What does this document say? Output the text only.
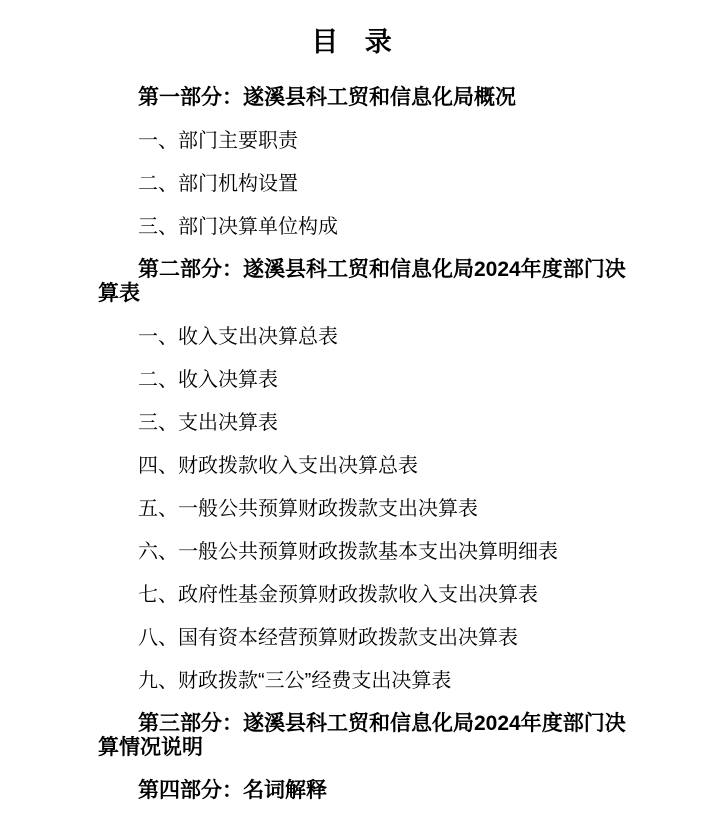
目 录

第一部分：遂溪县科工贸和信息化局概况

一、部门主要职责

二、部门机构设置

三、部门决算单位构成

第二部分：遂溪县科工贸和信息化局2024年度部门决算表

一、收入支出决算总表

二、收入决算表

三、支出决算表

四、财政拨款收入支出决算总表

五、一般公共预算财政拨款支出决算表

六、一般公共预算财政拨款基本支出决算明细表

七、政府性基金预算财政拨款收入支出决算表

八、国有资本经营预算财政拨款支出决算表

九、财政拨款“三公”经费支出决算表

第三部分：遂溪县科工贸和信息化局2024年度部门决算情况说明

第四部分：名词解释
